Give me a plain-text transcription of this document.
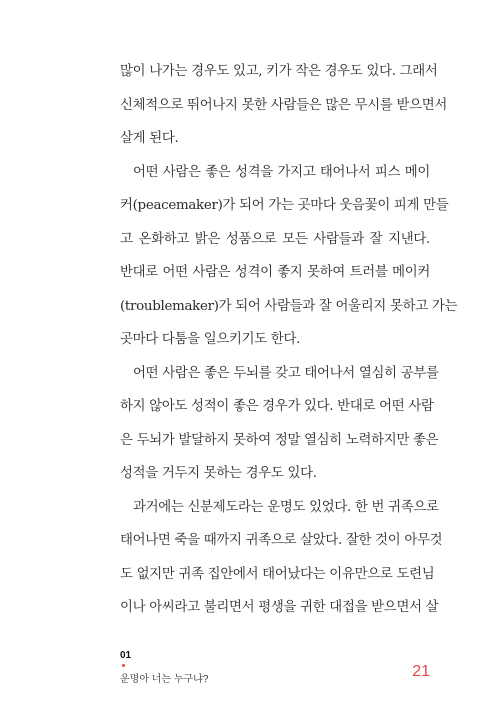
많이 나가는 경우도 있고, 키가 작은 경우도 있다. 그래서
신체적으로 뛰어나지 못한 사람들은 많은 무시를 받으면서
살게 된다.
어떤 사람은 좋은 성격을 가지고 태어나서 피스 메이
커(peacemaker)가 되어 가는 곳마다 웃음꽃이 피게 만들
고 온화하고 밝은 성품으로 모든 사람들과 잘 지낸다.
반대로 어떤 사람은 성격이 좋지 못하여 트러블 메이커
(troublemaker)가 되어 사람들과 잘 어울리지 못하고 가는
곳마다 다툼을 일으키기도 한다.
어떤 사람은 좋은 두뇌를 갖고 태어나서 열심히 공부를
하지 않아도 성적이 좋은 경우가 있다. 반대로 어떤 사람
은 두뇌가 발달하지 못하여 정말 열심히 노력하지만 좋은
성적을 거두지 못하는 경우도 있다.
과거에는 신분제도라는 운명도 있었다. 한 번 귀족으로
태어나면 죽을 때까지 귀족으로 살았다. 잘한 것이 아무것
도 없지만 귀족 집안에서 태어났다는 이유만으로 도련님
이나 아씨라고 불리면서 평생을 귀한 대접을 받으면서 살
01
운명아 너는 누구냐?	21
